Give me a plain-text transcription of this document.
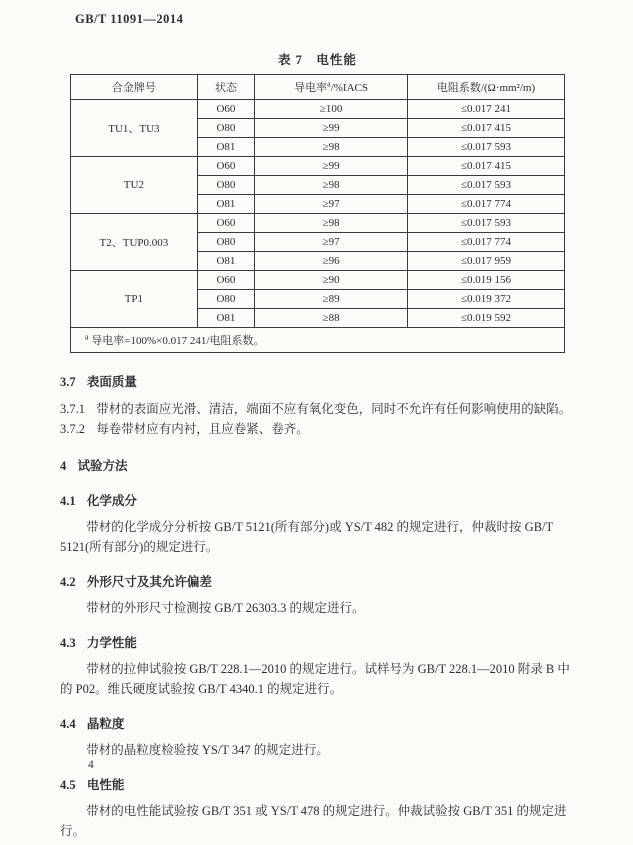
GB/T 11091—2014
表 7　电性能
合金牌号	状态	导电率$^a$/%IACS	电阻系数/(Ω·mm²/m)
TU1、TU3	O60	≥100	≤0.017 241
	O80	≥99	≤0.017 415
	O81	≥98	≤0.017 593
TU2	O60	≥99	≤0.017 415
	O80	≥98	≤0.017 593
	O81	≥97	≤0.017 774
T2、TUP0.003	O60	≥98	≤0.017 593
	O80	≥97	≤0.017 774
	O81	≥96	≤0.017 959
TP1	O60	≥90	≤0.019 156
	O80	≥89	≤0.019 372
	O81	≥88	≤0.019 592
$^a$ 导电率=100%×0.017 241/电阻系数。			

3.7 表面质量

3.7.1 带材的表面应光滑、清洁，端面不应有氧化变色，同时不允许有任何影响使用的缺陷。

3.7.2 每卷带材应有内衬，且应卷紧、卷齐。

4 试验方法

4.1 化学成分

带材的化学成分分析按 GB/T 5121(所有部分)或 YS/T 482 的规定进行，仲裁时按 GB/T 5121(所有部分)的规定进行。

4.2 外形尺寸及其允许偏差

带材的外形尺寸检测按 GB/T 26303.3 的规定进行。

4.3 力学性能

带材的拉伸试验按 GB/T 228.1—2010 的规定进行。试样号为 GB/T 228.1—2010 附录 B 中的 P02。维氏硬度试验按 GB/T 4340.1 的规定进行。

4.4 晶粒度

带材的晶粒度检验按 YS/T 347 的规定进行。

4.5 电性能

带材的电性能试验按 GB/T 351 或 YS/T 478 的规定进行。仲裁试验按 GB/T 351 的规定进行。

4
